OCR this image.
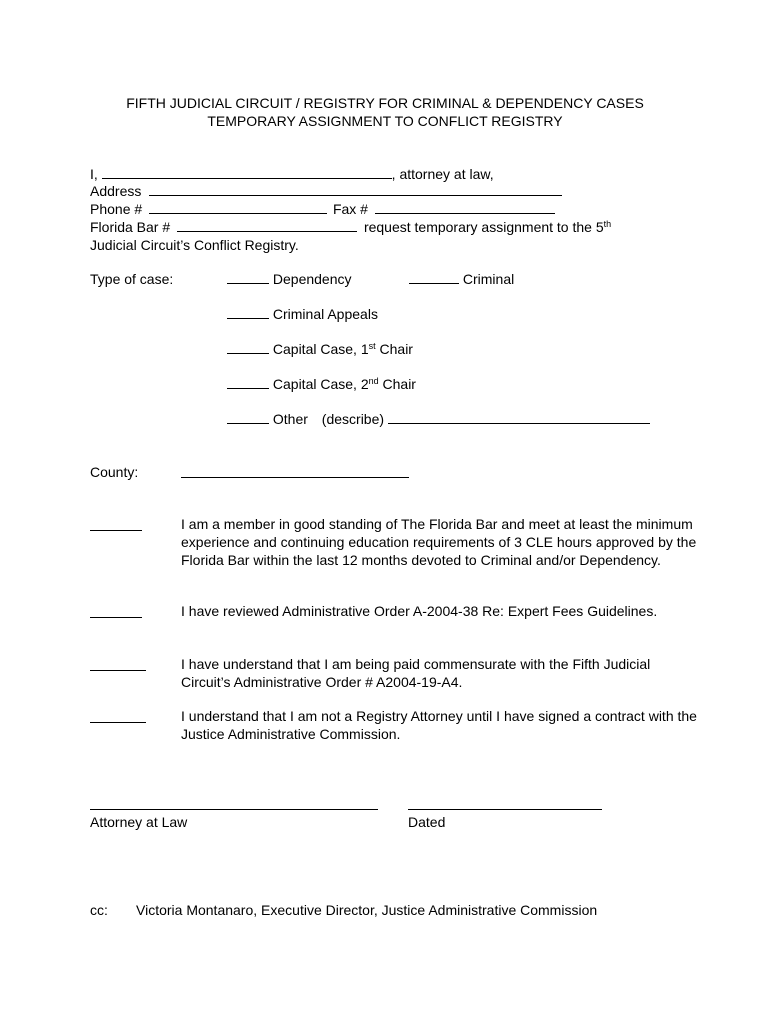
FIFTH JUDICIAL CIRCUIT / REGISTRY FOR CRIMINAL & DEPENDENCY CASES
TEMPORARY ASSIGNMENT TO CONFLICT REGISTRY
I,	, attorney at law,
Address
Phone #	Fax #
Florida Bar #	request temporary assignment to the 5th
Judicial Circuit’s Conflict Registry.
Type of case:	Dependency	Criminal
Criminal Appeals
Capital Case, 1st Chair
Capital Case, 2nd Chair
Other (describe)
County:
I am a member in good standing of The Florida Bar and meet at least the minimum experience and continuing education requirements of 3 CLE hours approved by the Florida Bar within the last 12 months devoted to Criminal and/or Dependency.
I have reviewed Administrative Order A-2004-38 Re: Expert Fees Guidelines.
I have understand that I am being paid commensurate with the Fifth Judicial Circuit’s Administrative Order # A2004-19-A4.
I understand that I am not a Registry Attorney until I have signed a contract with the Justice Administrative Commission.
Attorney at Law	Dated
cc: Victoria Montanaro, Executive Director, Justice Administrative Commission
